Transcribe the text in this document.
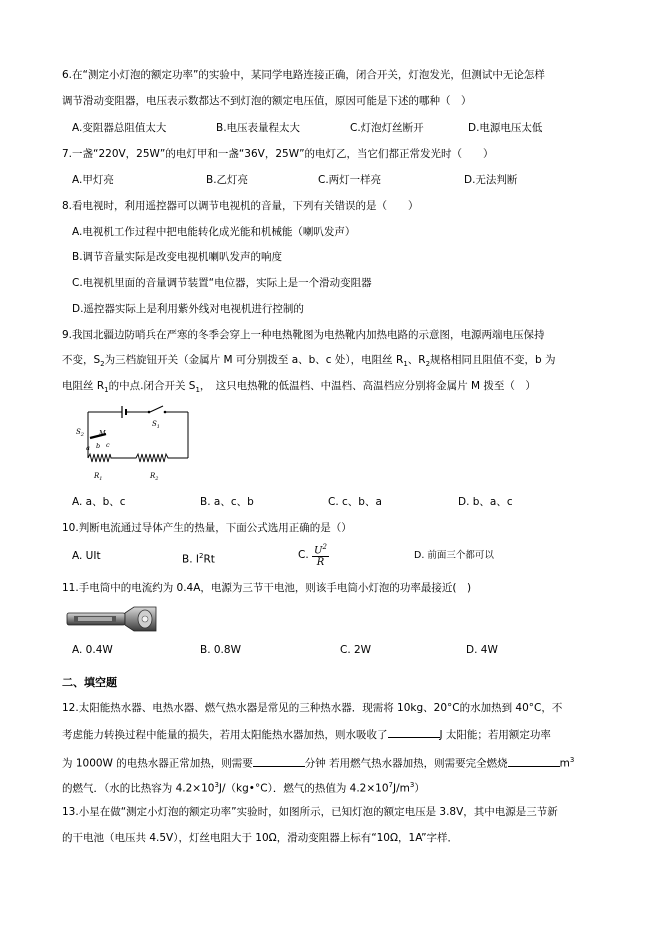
6.在“测定小灯泡的额定功率”的实验中，某同学电路连接正确，闭合开关，灯泡发光，但测试中无论怎样
调节滑动变阻器，电压表示数都达不到灯泡的额定电压值，原因可能是下述的哪种（　）
A.变阻器总阻值太大	B.电压表量程太大	C.灯泡灯丝断开	D.电源电压太低
7.一盏“220V，25W”的电灯甲和一盏“36V，25W”的电灯乙，当它们都正常发光时（　　）
A.甲灯亮	B.乙灯亮	C.两灯一样亮	D.无法判断
8.看电视时，利用遥控器可以调节电视机的音量，下列有关错误的是（　　）
A.电视机工作过程中把电能转化成光能和机械能（喇叭发声）
B.调节音量实际是改变电视机喇叭发声的响度
C.电视机里面的音量调节装置“电位器，实际上是一个滑动变阻器
D.遥控器实际上是利用紫外线对电视机进行控制的
9.我国北疆边防哨兵在严寒的冬季会穿上一种电热靴图为电热靴内加热电路的示意图，电源两端电压保持
不变，$S_2$为三档旋钮开关（金属片 M 可分别拨至 a、b、c 处），电阻丝 $R_1$、$R_2$规格相同且阻值不变，b 为
电阻丝 $R_1$的中点.闭合开关 $S_1$，　这只电热靴的低温档、中温档、高温档应分别将金属片 M 拨至（　）
$S_1$
$S_2$ M
a b c
$R_1$	$R_2$
A. a、b、c	B. a、c、b	C. c、b、a	D. b、a、c
10.判断电流通过导体产生的热量，下面公式选用正确的是（）
A. UIt	B. $I^2Rt$	C. $\frac{U^2}{R}$	D. 前面三个都可以
11.手电筒中的电流约为 0.4A，电源为三节干电池，则该手电筒小灯泡的功率最接近(　)
A. 0.4W	B. 0.8W	C. 2W	D. 4W
二、填空题
12.太阳能热水器、电热水器、燃气热水器是常见的三种热水器．现需将 10kg、20°C的水加热到 40°C，不
考虑能力转换过程中能量的损失，若用太阳能热水器加热，则水吸收了	J 太阳能；若用额定功率
为 1000W 的电热水器正常加热，则需要	分钟 若用燃气热水器加热，则需要完全燃烧	$m^3$
的燃气．（水的比热容为 $4.2\times 10^3J/(kg•^\circ C)$．燃气的热值为 $4.2\times 10^7J/m^3$）
13.小星在做“测定小灯泡的额定功率”实验时，如图所示，已知灯泡的额定电压是 3.8V，其中电源是三节新
的干电池（电压共 4.5V），灯丝电阻大于 10Ω，滑动变阻器上标有“10Ω，1A”字样．
